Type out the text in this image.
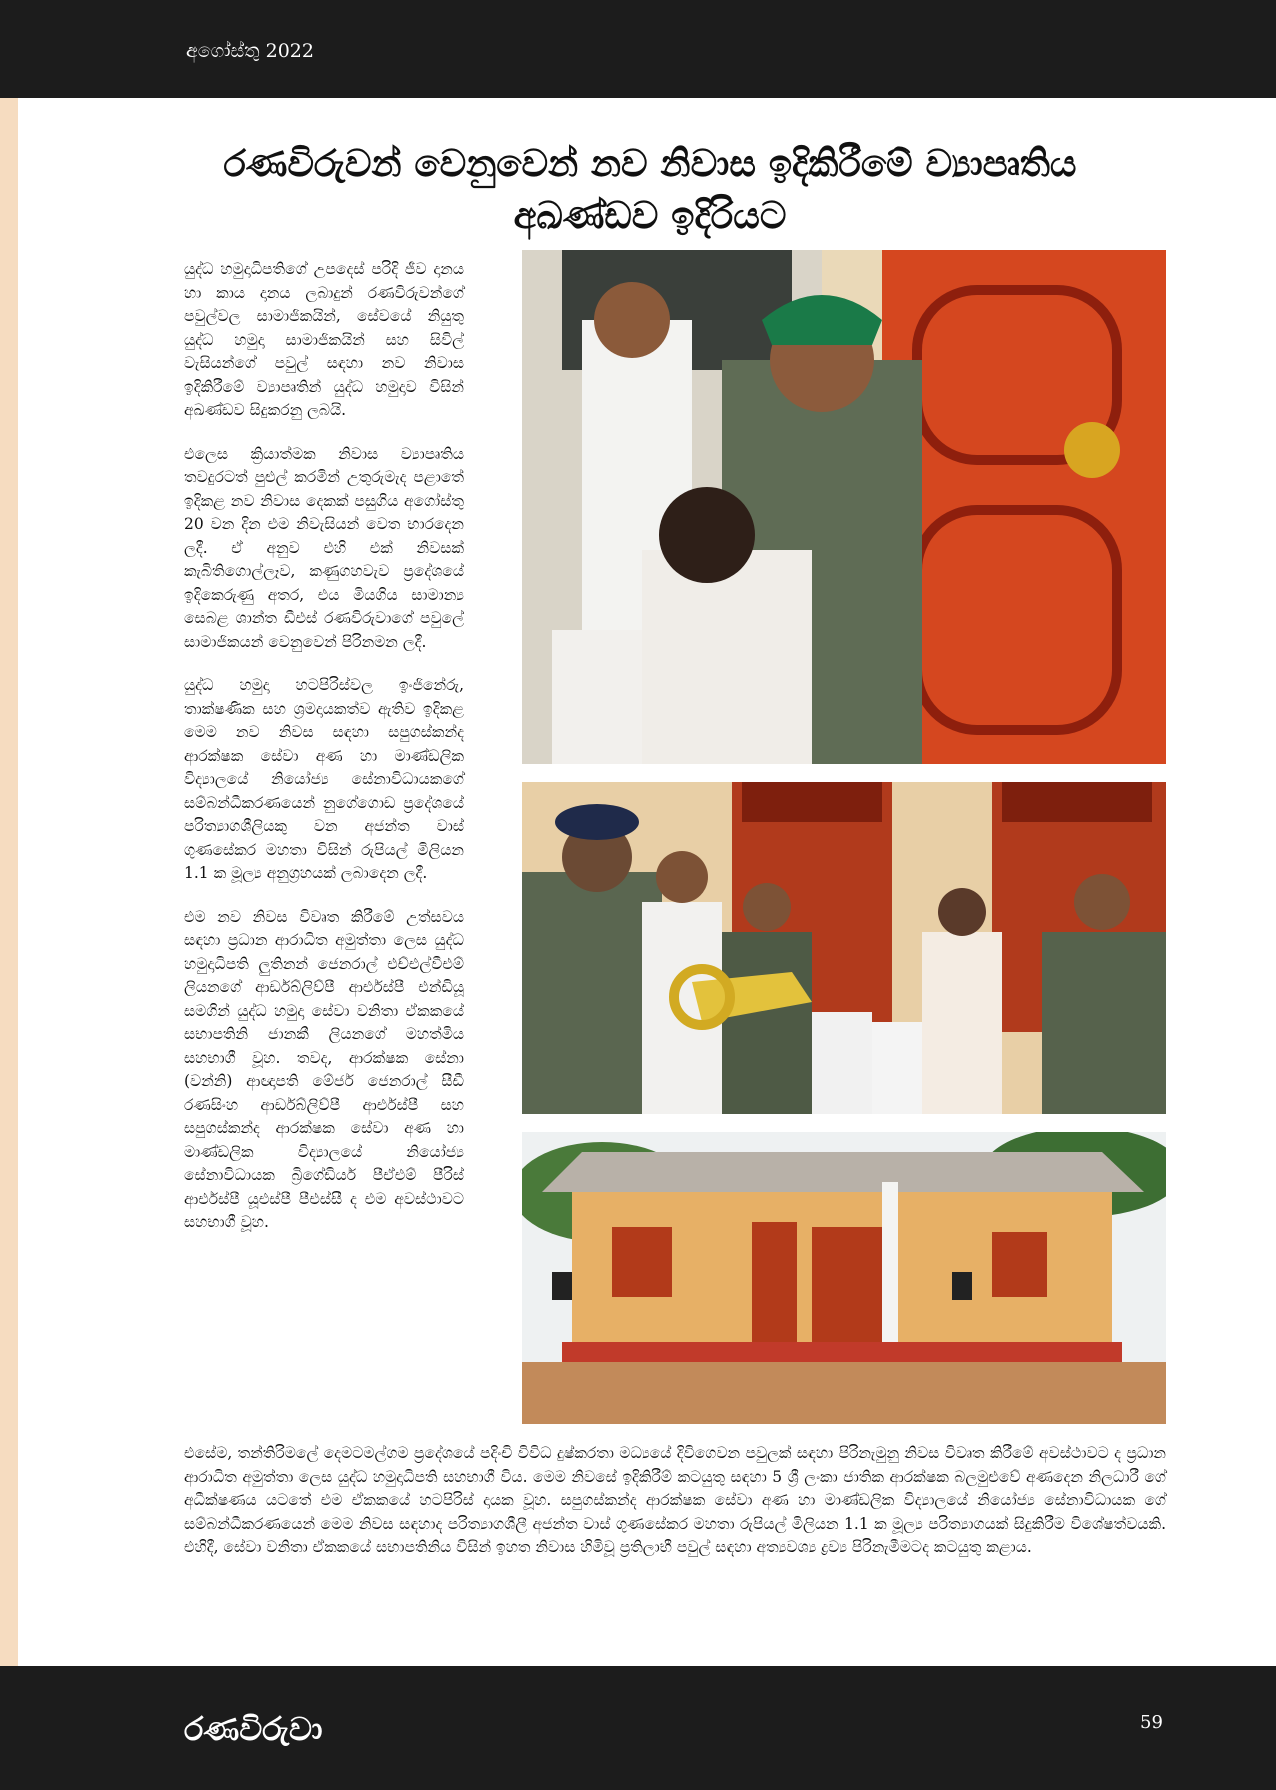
අගෝස්තු 2022
රණවිරුවන් වෙනුවෙන් නව නිවාස ඉදිකිරීමේ ව්‍යාපෘතිය
අඛණ්ඩව ඉදිරියට

යුද්ධ හමුදාධිපතිගේ උපදෙස් පරිදි ජීව දානය හා කාය දානය ලබාදුන් රණවිරුවන්ගේ පවුල්වල සාමාජිකයින්, සේවයේ නියුතු යුද්ධ හමුදා සාමාජිකයින් සහ සිවිල් වැසියන්ගේ පවුල් සඳහා නව නිවාස ඉදිකිරීමේ ව්‍යාපෘතින් යුද්ධ හමුදාව විසින් අඛණ්ඩව සිදුකරනු ලබයි.

එලෙස ක්‍රියාත්මක නිවාස ව්‍යාපෘතිය තවදුරටත් පුළුල් කරමින් උතුරුමැද පළාතේ ඉදිකළ නව නිවාස දෙකක් පසුගිය අගෝස්තු 20 වන දින එම නිවැසියන් වෙත භාරදෙන ලදී. ඒ අනුව එහි එක් නිවසක් කැබිතිගොල්ලෑව, කණුගහවැව ප්‍රදේශයේ ඉදිකෙරුණු අතර, එය මියගිය සාමාන්‍ය සෙබළ ශාන්ත ඩීඑස් රණවිරුවාගේ පවුලේ සාමාජිකයන් වෙනුවෙන් පිරිනමන ලදී.

යුද්ධ හමුදා හටපිරිස්වල ඉංජිනේරු, තාක්ෂණික සහ ශ්‍රමදායකත්ව ඇතිව ඉදිකළ මෙම නව නිවස සඳහා සපුගස්කන්ද ආරක්ෂක සේවා අණ හා මාණ්ඩලික විද්‍යාලයේ නියෝජ්‍ය සේනාවිධායකගේ සම්බන්ධීකරණයෙන් නුගේගොඩ ප්‍රදේශයේ පරිත්‍යාගශීලියකු වන අජන්ත වාස් ගුණසේකර මහතා විසින් රුපියල් මිලියන 1.1 ක මූල්‍ය අනුග්‍රහයක් ලබාදෙන ලදී.

එම නව නිවස විවෘත කිරීමේ උත්සවය සඳහා ප්‍රධාන ආරාධිත අමුත්තා ලෙස යුද්ධ හමුදාධිපති ලුතිනන් ජෙනරාල් එච්එල්වීඑම් ලියනගේ ආර්ඩබ්ලිව්පී ආර්එස්පී එන්ඩියූ සමගින් යුද්ධ හමුදා සේවා වනිතා ඒකකයේ සභාපතිනි ජානකී ලියනගේ මහත්මිය සහභාගී වූහ. තවද, ආරක්ෂක සේනා (වන්නි) ආඥාපති මේජර් ජෙනරාල් සීඩී රණසිංහ ආර්ඩබ්ලිව්පී ආර්එස්පී සහ සපුගස්කන්ද ආරක්ෂක සේවා අණ හා මාණ්ඩලික විද්‍යාලයේ නියෝජ්‍ය සේනාවිධායක බ්‍රිගේඩියර් පීඒඑම් පීරිස් ආර්එස්පී යූඑස්පී පීඑස්සී ද එම අවස්ථාවට සහභාගී වූහ.

එසේම, තන්තිරිමලේ දෙමටමල්ගම ප්‍රදේශයේ පදිංචි විවිධ දුෂ්කරතා මධ්‍යයේ දිවිගෙවන පවුලක් සඳහා පිරිනැමුනු නිවස විවෘත කිරීමේ අවස්ථාවට ද ප්‍රධාන ආරාධිත අමුත්තා ලෙස යුද්ධ හමුදාධිපති සහභාගී විය. මෙම නිවසේ ඉදිකිරීම් කටයුතු සඳහා 5 ශ්‍රී ලංකා ජාතික ආරක්ෂක බලමුළුවේ අණදෙන නිලධාරී ගේ අධීක්ෂණය යටතේ එම ඒකකයේ හටපිරිස් දායක වූහ. සපුගස්කන්ද ආරක්ෂක සේවා අණ හා මාණ්ඩලික විද්‍යාලයේ නියෝජ්‍ය සේනාවිධායක ගේ සම්බන්ධීකරණයෙන් මෙම නිවස සඳහාද පරිත්‍යාගශීලී අජන්ත වාස් ගුණසේකර මහතා රුපියල් මිලියන 1.1 ක මූල්‍ය පරිත්‍යාගයක් සිදුකිරීම විශේෂත්වයකි. එහිදී, සේවා වනිතා ඒකකයේ සභාපතිනිය විසින් ඉහත නිවාස හිමිවූ ප්‍රතිලාභී පවුල් සඳහා අත්‍යවශ්‍ය ද්‍රව්‍ය පිරිනැමීමටද කටයුතු කළාය.

රණවිරුවා	59
